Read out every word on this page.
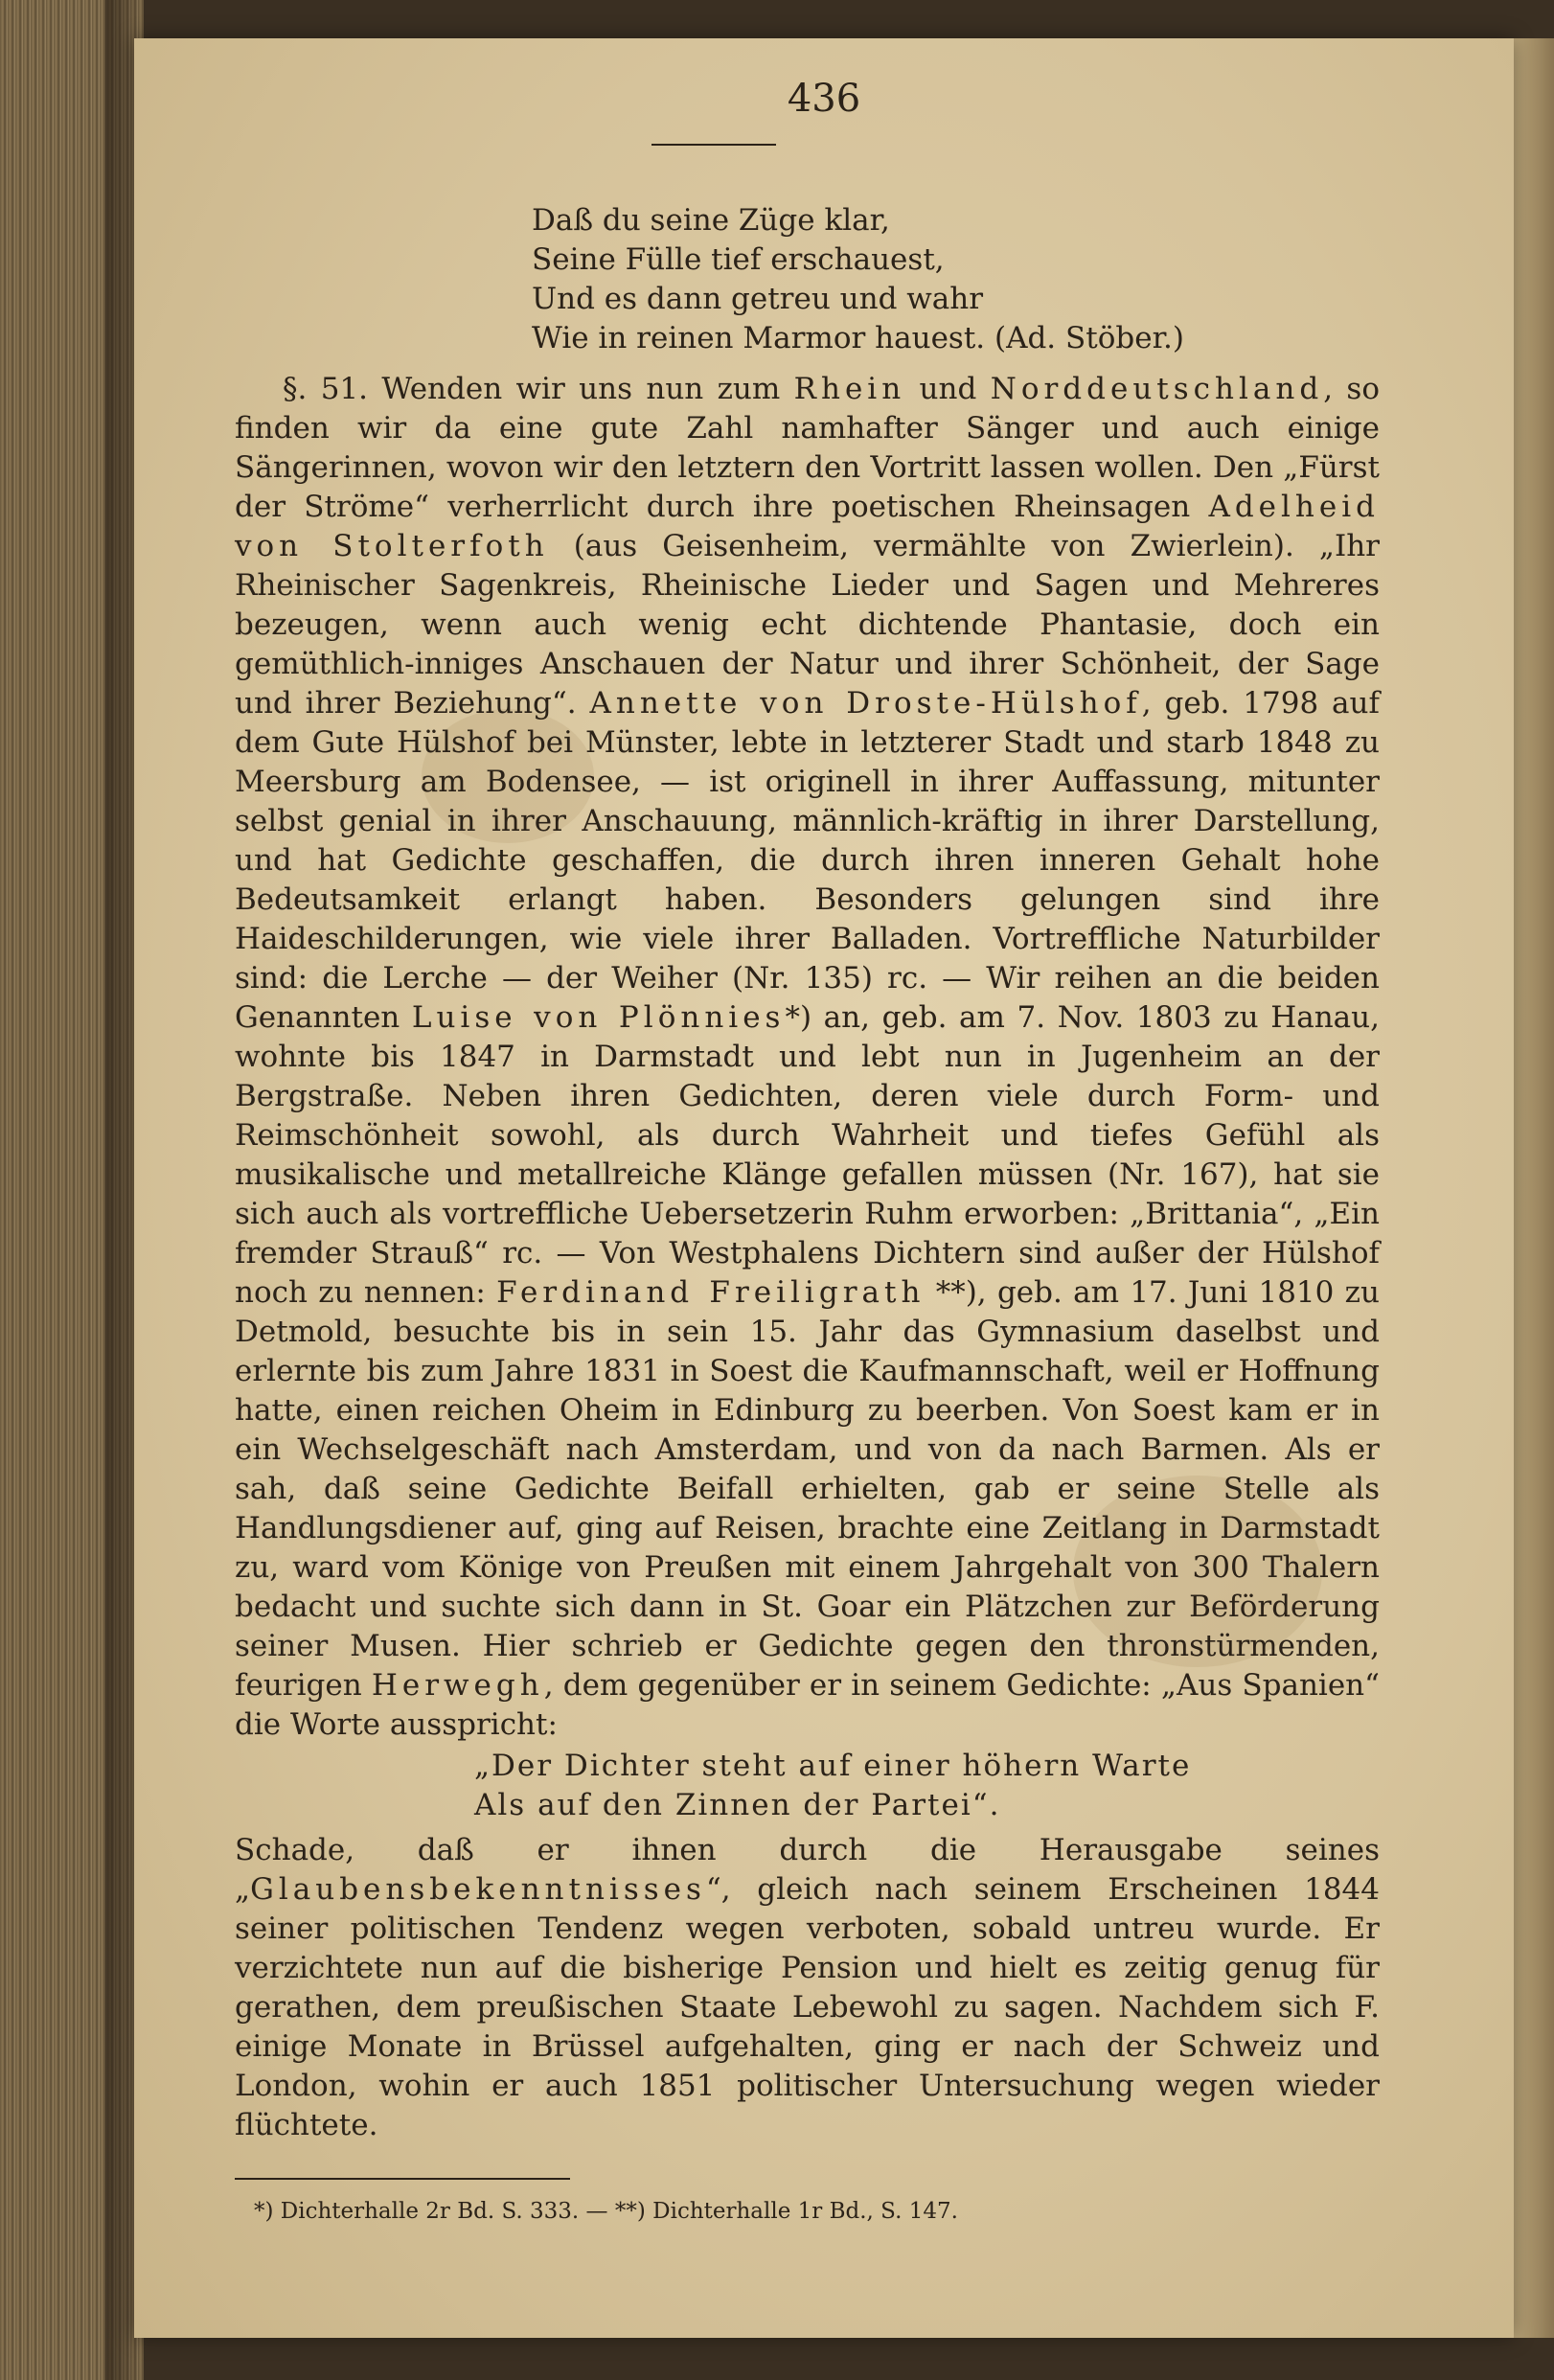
436
Daß du seine Züge klar,
Seine Fülle tief erschauest,
Und es dann getreu und wahr
Wie in reinen Marmor hauest. (Ad. Stöber.)

§. 51. Wenden wir uns nun zum Rhein und Norddeutschland, so finden wir da eine gute Zahl namhafter Sänger und auch einige Sängerinnen, wovon wir den letztern den Vortritt lassen wollen. Den „Fürst der Ströme“ verherrlicht durch ihre poetischen Rheinsagen Adelheid von Stolterfoth (aus Geisenheim, vermählte von Zwierlein). „Ihr Rheinischer Sagenkreis, Rheinische Lieder und Sagen und Mehreres bezeugen, wenn auch wenig echt dichtende Phantasie, doch ein gemüthlich-inniges Anschauen der Natur und ihrer Schönheit, der Sage und ihrer Beziehung“. Annette von Droste-Hülshof, geb. 1798 auf dem Gute Hülshof bei Münster, lebte in letzterer Stadt und starb 1848 zu Meersburg am Bodensee, — ist originell in ihrer Auffassung, mitunter selbst genial in ihrer Anschauung, männlich-kräftig in ihrer Darstellung, und hat Gedichte geschaffen, die durch ihren inneren Gehalt hohe Bedeutsamkeit erlangt haben. Besonders gelungen sind ihre Haideschilderungen, wie viele ihrer Balladen. Vortreffliche Naturbilder sind: die Lerche — der Weiher (Nr. 135) rc. — Wir reihen an die beiden Genannten Luise von Plönnies*) an, geb. am 7. Nov. 1803 zu Hanau, wohnte bis 1847 in Darmstadt und lebt nun in Jugenheim an der Bergstraße. Neben ihren Gedichten, deren viele durch Form- und Reimschönheit sowohl, als durch Wahrheit und tiefes Gefühl als musikalische und metallreiche Klänge gefallen müssen (Nr. 167), hat sie sich auch als vortreffliche Uebersetzerin Ruhm erworben: „Brittania“, „Ein fremder Strauß“ rc. — Von Westphalens Dichtern sind außer der Hülshof noch zu nennen: Ferdinand Freiligrath **), geb. am 17. Juni 1810 zu Detmold, besuchte bis in sein 15. Jahr das Gymnasium daselbst und erlernte bis zum Jahre 1831 in Soest die Kaufmannschaft, weil er Hoffnung hatte, einen reichen Oheim in Edinburg zu beerben. Von Soest kam er in ein Wechselgeschäft nach Amsterdam, und von da nach Barmen. Als er sah, daß seine Gedichte Beifall erhielten, gab er seine Stelle als Handlungsdiener auf, ging auf Reisen, brachte eine Zeitlang in Darmstadt zu, ward vom Könige von Preußen mit einem Jahrgehalt von 300 Thalern bedacht und suchte sich dann in St. Goar ein Plätzchen zur Beförderung seiner Musen. Hier schrieb er Gedichte gegen den thronstürmenden, feurigen Herwegh, dem gegenüber er in seinem Gedichte: „Aus Spanien“ die Worte ausspricht:

„Der Dichter steht auf einer höhern Warte
Als auf den Zinnen der Partei“.
Schade, daß er ihnen durch die Herausgabe seines „Glaubensbekenntnisses“, gleich nach seinem Erscheinen 1844 seiner politischen Tendenz wegen verboten, sobald untreu wurde. Er verzichtete nun auf die bisherige Pension und hielt es zeitig genug für gerathen, dem preußischen Staate Lebewohl zu sagen. Nachdem sich F. einige Monate in Brüssel aufgehalten, ging er nach der Schweiz und London, wohin er auch 1851 politischer Untersuchung wegen wieder flüchtete.
*) Dichterhalle 2r Bd. S. 333. — **) Dichterhalle 1r Bd., S. 147.
